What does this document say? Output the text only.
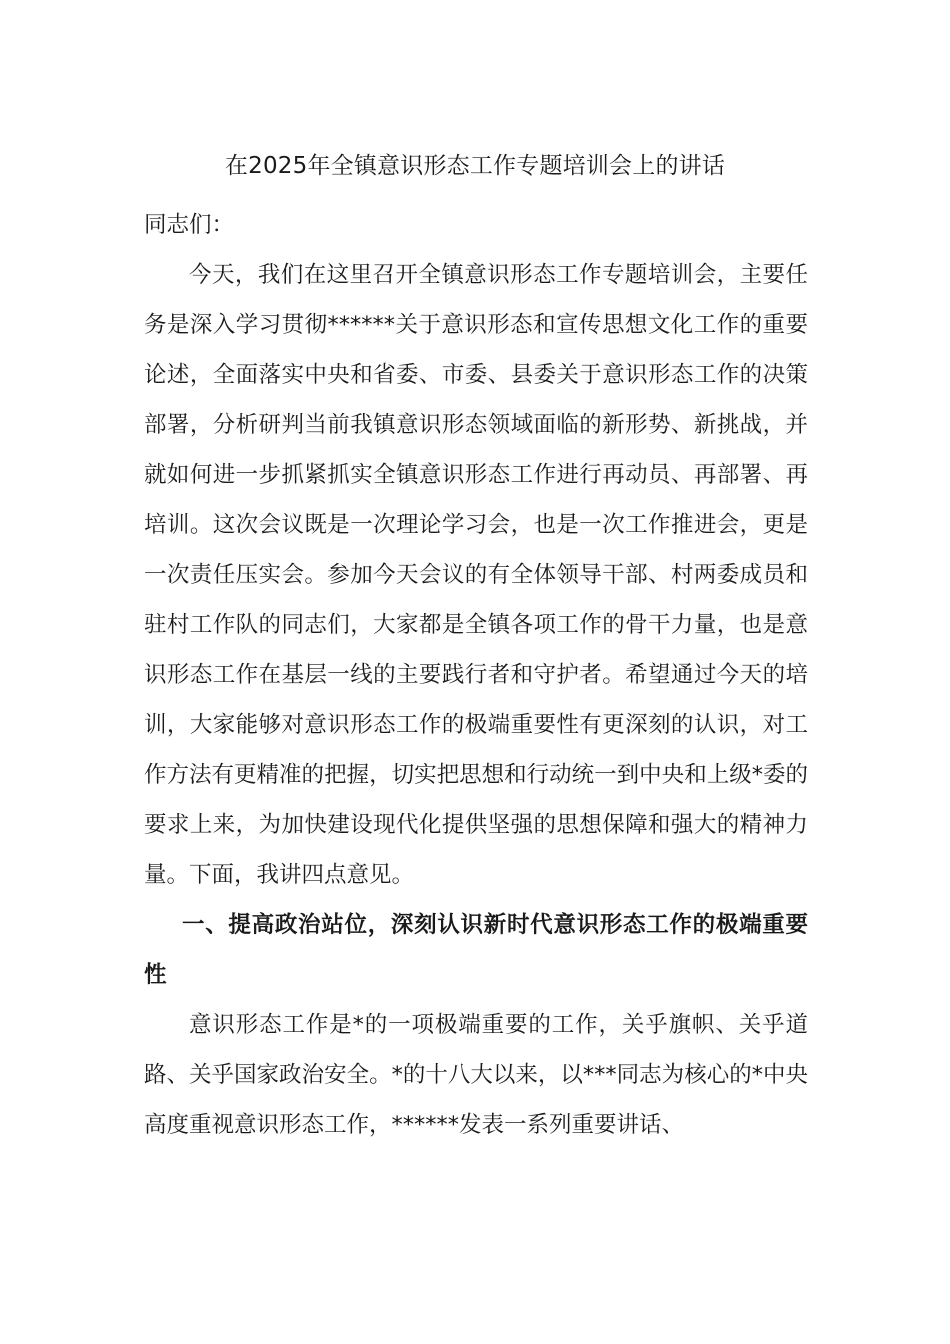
在2025年全镇意识形态工作专题培训会上的讲话

同志们：

今天，我们在这里召开全镇意识形态工作专题培训会，主要任务是深入学习贯彻******关于意识形态和宣传思想文化工作的重要论述，全面落实中央和省委、市委、县委关于意识形态工作的决策部署，分析研判当前我镇意识形态领域面临的新形势、新挑战，并就如何进一步抓紧抓实全镇意识形态工作进行再动员、再部署、再培训。这次会议既是一次理论学习会，也是一次工作推进会，更是一次责任压实会。参加今天会议的有全体领导干部、村两委成员和驻村工作队的同志们，大家都是全镇各项工作的骨干力量，也是意识形态工作在基层一线的主要践行者和守护者。希望通过今天的培训，大家能够对意识形态工作的极端重要性有更深刻的认识，对工作方法有更精准的把握，切实把思想和行动统一到中央和上级*委的要求上来，为加快建设现代化提供坚强的思想保障和强大的精神力量。下面，我讲四点意见。

一、提高政治站位，深刻认识新时代意识形态工作的极端重要性

意识形态工作是*的一项极端重要的工作，关乎旗帜、关乎道路、关乎国家政治安全。*的十八大以来，以***同志为核心的*中央高度重视意识形态工作，******发表一系列重要讲话、
